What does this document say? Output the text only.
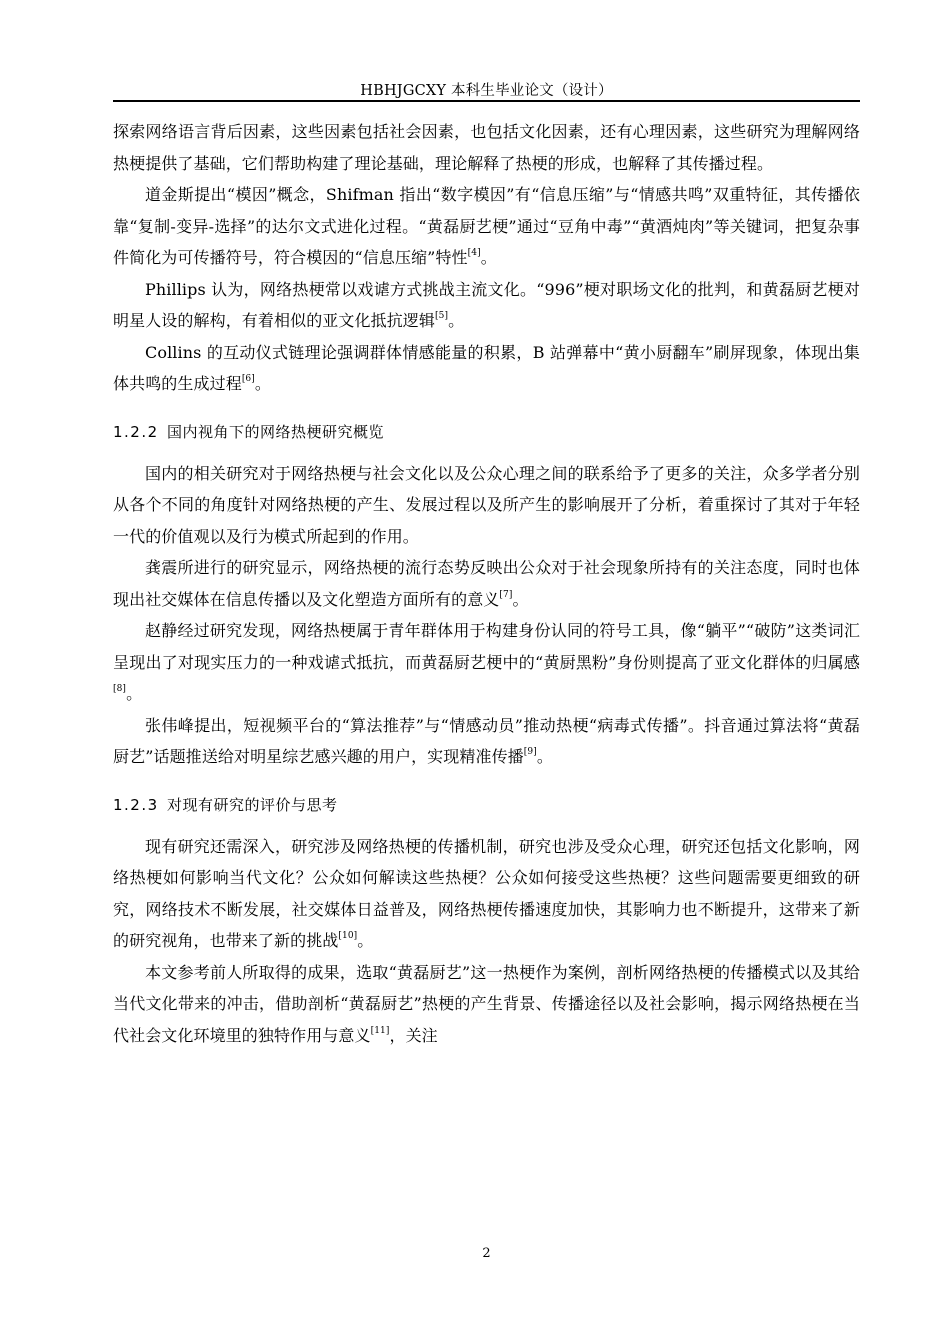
HBHJGCXY 本科生毕业论文（设计）

探索网络语言背后因素，这些因素包括社会因素，也包括文化因素，还有心理因素，这些研究为理解网络热梗提供了基础，它们帮助构建了理论基础，理论解释了热梗的形成，也解释了其传播过程。

道金斯提出“模因”概念，Shifman 指出“数字模因”有“信息压缩”与“情感共鸣”双重特征，其传播依靠“复制-变异-选择”的达尔文式进化过程。“黄磊厨艺梗”通过“豆角中毒”“黄酒炖肉”等关键词，把复杂事件简化为可传播符号，符合模因的“信息压缩”特性[4]。

Phillips 认为，网络热梗常以戏谑方式挑战主流文化。“996”梗对职场文化的批判，和黄磊厨艺梗对明星人设的解构，有着相似的亚文化抵抗逻辑[5]。

Collins 的互动仪式链理论强调群体情感能量的积累，B 站弹幕中“黄小厨翻车”刷屏现象，体现出集体共鸣的生成过程[6]。

1.2.2 国内视角下的网络热梗研究概览

国内的相关研究对于网络热梗与社会文化以及公众心理之间的联系给予了更多的关注，众多学者分别从各个不同的角度针对网络热梗的产生、发展过程以及所产生的影响展开了分析，着重探讨了其对于年轻一代的价值观以及行为模式所起到的作用。

龚震所进行的研究显示，网络热梗的流行态势反映出公众对于社会现象所持有的关注态度，同时也体现出社交媒体在信息传播以及文化塑造方面所有的意义[7]。

赵静经过研究发现，网络热梗属于青年群体用于构建身份认同的符号工具，像“躺平”“破防”这类词汇呈现出了对现实压力的一种戏谑式抵抗，而黄磊厨艺梗中的“黄厨黑粉”身份则提高了亚文化群体的归属感[8]。

张伟峰提出，短视频平台的“算法推荐”与“情感动员”推动热梗“病毒式传播”。抖音通过算法将“黄磊厨艺”话题推送给对明星综艺感兴趣的用户，实现精准传播[9]。

1.2.3 对现有研究的评价与思考

现有研究还需深入，研究涉及网络热梗的传播机制，研究也涉及受众心理，研究还包括文化影响，网络热梗如何影响当代文化？公众如何解读这些热梗？公众如何接受这些热梗？这些问题需要更细致的研究，网络技术不断发展，社交媒体日益普及，网络热梗传播速度加快，其影响力也不断提升，这带来了新的研究视角，也带来了新的挑战[10]。

本文参考前人所取得的成果，选取“黄磊厨艺”这一热梗作为案例，剖析网络热梗的传播模式以及其给当代文化带来的冲击，借助剖析“黄磊厨艺”热梗的产生背景、传播途径以及社会影响，揭示网络热梗在当代社会文化环境里的独特作用与意义[11]，关注

2
